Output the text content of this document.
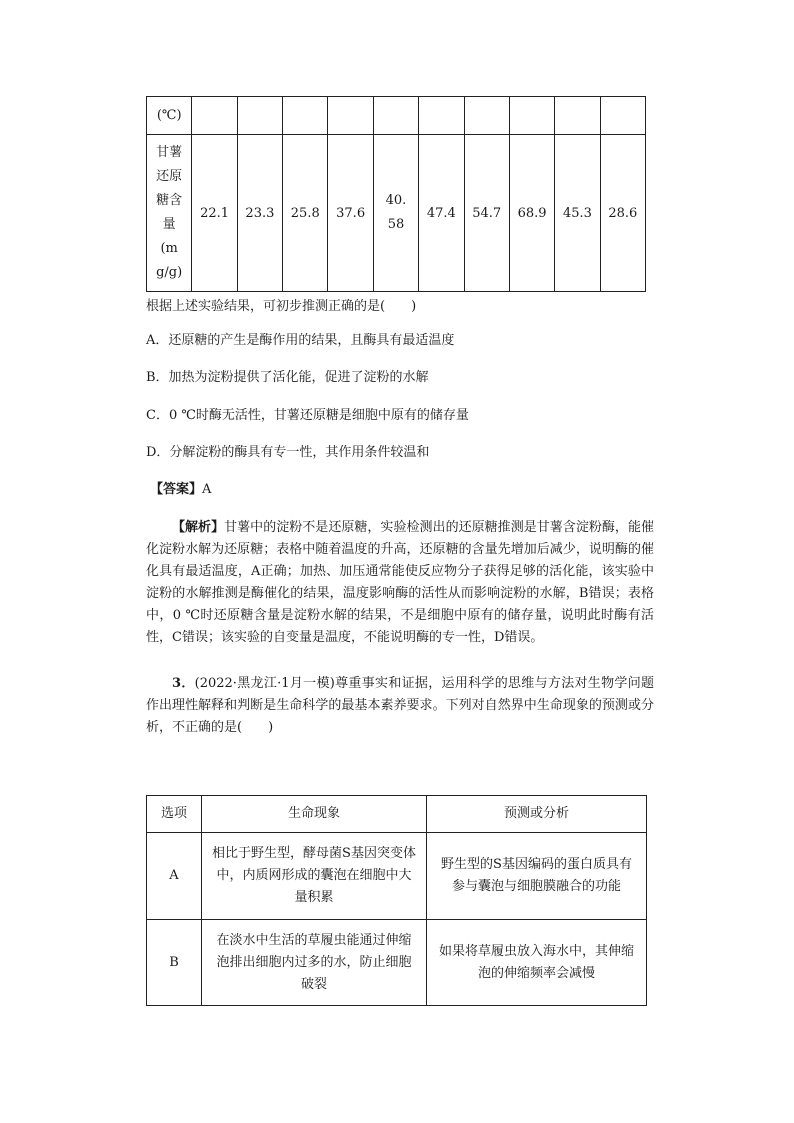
(℃)										
甘薯还原糖含量(mg/g)	22.1	23.3	25.8	37.6	40.58	47.4	54.7	68.9	45.3	28.6
根据上述实验结果，可初步推测正确的是(　　)
A．还原糖的产生是酶作用的结果，且酶具有最适温度
B．加热为淀粉提供了活化能，促进了淀粉的水解
C．0 ℃时酶无活性，甘薯还原糖是细胞中原有的储存量
D．分解淀粉的酶具有专一性，其作用条件较温和
【答案】A
【解析】甘薯中的淀粉不是还原糖，实验检测出的还原糖推测是甘薯含淀粉酶，能催化淀粉水解为还原糖；表格中随着温度的升高，还原糖的含量先增加后减少，说明酶的催化具有最适温度，A正确；加热、加压通常能使反应物分子获得足够的活化能，该实验中淀粉的水解推测是酶催化的结果，温度影响酶的活性从而影响淀粉的水解，B错误；表格中，0 ℃时还原糖含量是淀粉水解的结果，不是细胞中原有的储存量，说明此时酶有活性，C错误；该实验的自变量是温度，不能说明酶的专一性，D错误。
3．(2022·黑龙江·1月一模)尊重事实和证据，运用科学的思维与方法对生物学问题作出理性解释和判断是生命科学的最基本素养要求。下列对自然界中生命现象的预测或分析，不正确的是(　　)
选项	生命现象	预测或分析
A	相比于野生型，酵母菌S基因突变体中，内质网形成的囊泡在细胞中大量积累	野生型的S基因编码的蛋白质具有参与囊泡与细胞膜融合的功能
B	在淡水中生活的草履虫能通过伸缩泡排出细胞内过多的水，防止细胞破裂	如果将草履虫放入海水中，其伸缩泡的伸缩频率会减慢
